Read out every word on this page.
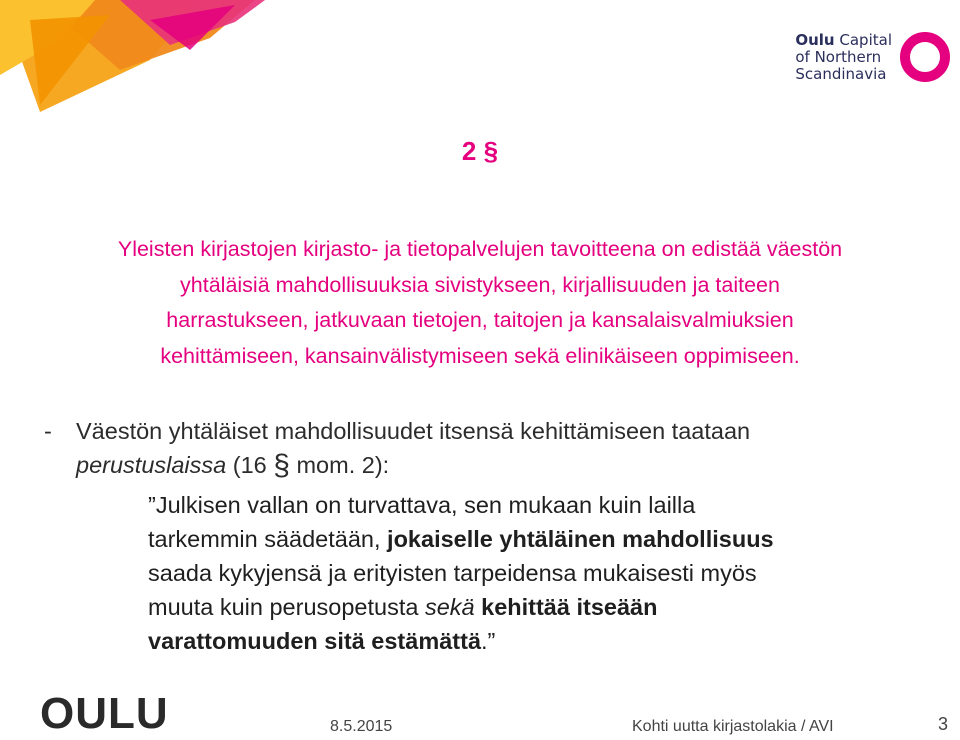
Oulu Capital
of Northern
Scandinavia
2 §
Yleisten kirjastojen kirjasto- ja tietopalvelujen tavoitteena on edistää väestön
yhtäläisiä mahdollisuuksia sivistykseen, kirjallisuuden ja taiteen
harrastukseen, jatkuvaan tietojen, taitojen ja kansalaisvalmiuksien
kehittämiseen, kansainvälistymiseen sekä elinikäiseen oppimiseen.
- Väestön yhtäläiset mahdollisuudet itsensä kehittämiseen taataan
perustuslaissa (16 § mom. 2):
”Julkisen vallan on turvattava, sen mukaan kuin lailla
tarkemmin säädetään, jokaiselle yhtäläinen mahdollisuus
saada kykyjensä ja erityisten tarpeidensa mukaisesti myös
muuta kuin perusopetusta sekä kehittää itseään
varattomuuden sitä estämättä.”
OULU	8.5.2015	Kohti uutta kirjastolakia / AVI	3
